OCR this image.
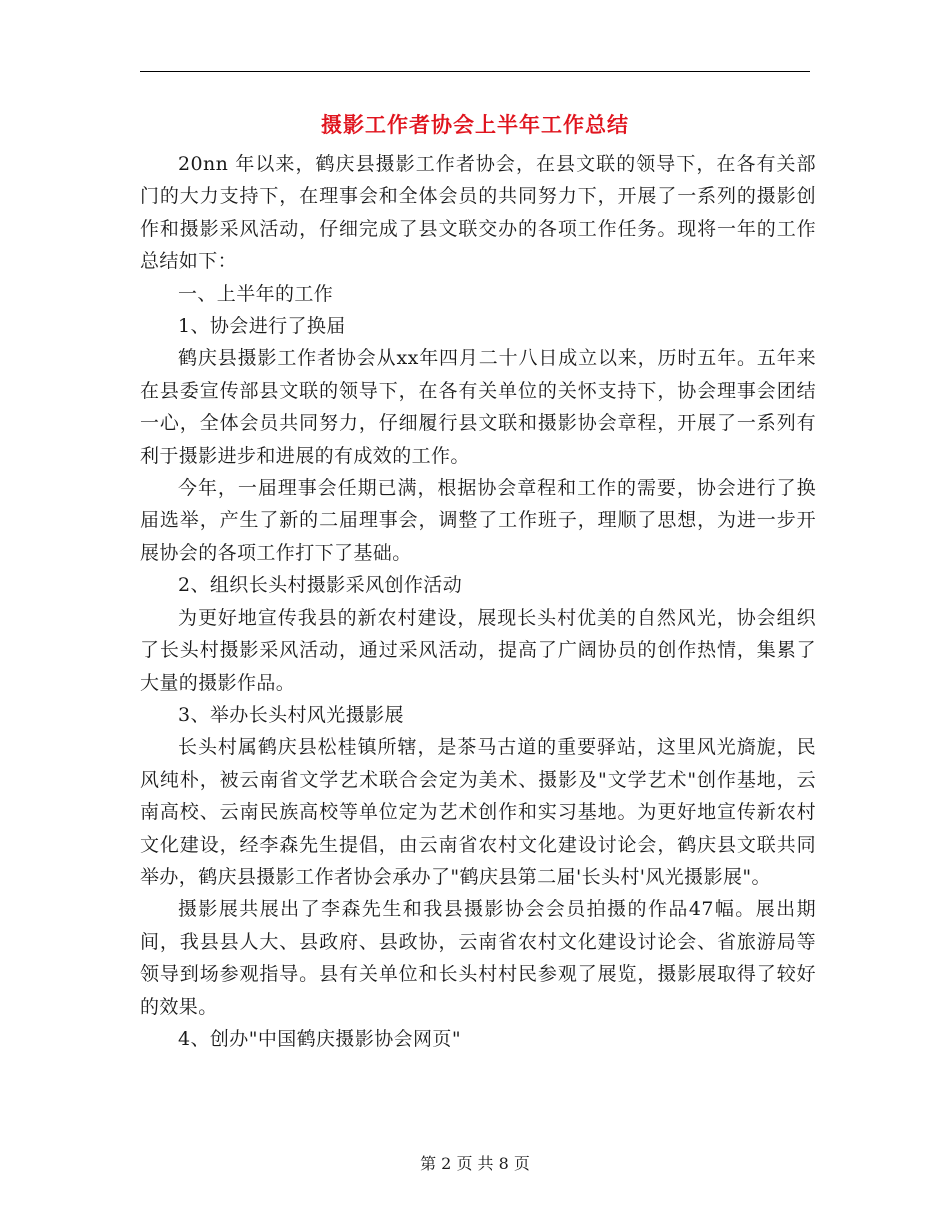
摄影工作者协会上半年工作总结

20nn 年以来，鹤庆县摄影工作者协会，在县文联的领导下，在各有关部门的大力支持下，在理事会和全体会员的共同努力下，开展了一系列的摄影创作和摄影采风活动，仔细完成了县文联交办的各项工作任务。现将一年的工作总结如下：

一、上半年的工作

1、协会进行了换届

鹤庆县摄影工作者协会从xx年四月二十八日成立以来，历时五年。五年来在县委宣传部县文联的领导下，在各有关单位的关怀支持下，协会理事会团结一心，全体会员共同努力，仔细履行县文联和摄影协会章程，开展了一系列有利于摄影进步和进展的有成效的工作。

今年，一届理事会任期已满，根据协会章程和工作的需要，协会进行了换届选举，产生了新的二届理事会，调整了工作班子，理顺了思想，为进一步开展协会的各项工作打下了基础。

2、组织长头村摄影采风创作活动

为更好地宣传我县的新农村建设，展现长头村优美的自然风光，协会组织了长头村摄影采风活动，通过采风活动，提高了广阔协员的创作热情，集累了大量的摄影作品。

3、举办长头村风光摄影展

长头村属鹤庆县松桂镇所辖，是茶马古道的重要驿站，这里风光旖旎，民风纯朴，被云南省文学艺术联合会定为美术、摄影及"文学艺术"创作基地，云南高校、云南民族高校等单位定为艺术创作和实习基地。为更好地宣传新农村文化建设，经李森先生提倡，由云南省农村文化建设讨论会，鹤庆县文联共同举办，鹤庆县摄影工作者协会承办了"鹤庆县第二届'长头村'风光摄影展"。

摄影展共展出了李森先生和我县摄影协会会员拍摄的作品47幅。展出期间，我县县人大、县政府、县政协，云南省农村文化建设讨论会、省旅游局等领导到场参观指导。县有关单位和长头村村民参观了展览，摄影展取得了较好的效果。

4、创办"中国鹤庆摄影协会网页"

第 2 页 共 8 页
